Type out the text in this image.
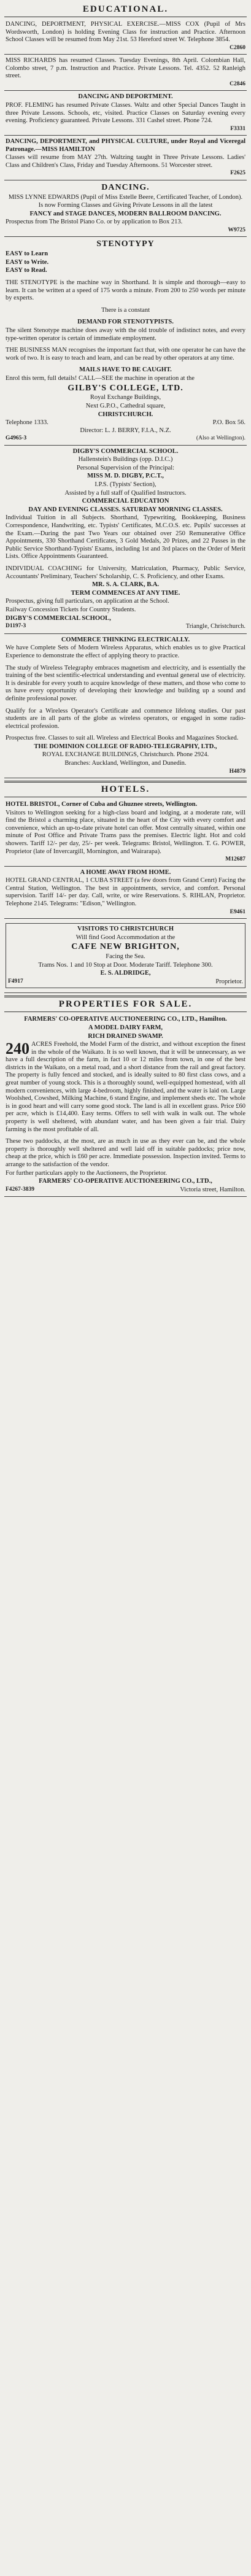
EDUCATIONAL.

DANCING, DEPORTMENT, PHYSICAL EXERCISE.—MISS COX (Pupil of Mrs Wordsworth, London) is holding Evening Class for instruction and Practice. Afternoon School Classes will be resumed from May 21st. 53 Hereford street W. Telephone 3854.

C2860

MISS RICHARDS has resumed Classes. Tuesday Evenings, 8th April. Colombian Hall, Colombo street, 7 p.m. Instruction and Practice. Private Lessons. Tel. 4352. 52 Ranleigh street.

C2846

DANCING AND DEPORTMENT.

PROF. FLEMING has resumed Private Classes. Waltz and other Special Dances Taught in three Private Lessons. Schools, etc, visited. Practice Classes on Saturday evening every evening. Proficiency guaranteed. Private Lessons. 331 Cashel street. Phone 724.

F3331

DANCING, DEPORTMENT, and PHYSICAL CULTURE, under Royal and Viceregal Patronage.—MISS HAMILTON

Classes will resume from MAY 27th. Waltzing taught in Three Private Lessons. Ladies' Class and Children's Class, Friday and Tuesday Afternoons. 51 Worcester street.

F2625

DANCING.

MISS LYNNE EDWARDS (Pupil of Miss Estelle Beere, Certificated Teacher, of London).

Is now Forming Classes and Giving Private Lessons in all the latest

FANCY and STAGE DANCES, MODERN BALLROOM DANCING.

Prospectus from The Bristol Piano Co. or by application to Box 213.

W9725

STENOTYPY

EASY to Learn

EASY to Write.

EASY to Read.

THE STENOTYPE is the machine way in Shorthand. It is simple and thorough—easy to learn. It can be written at a speed of 175 words a minute. From 200 to 250 words per minute by experts.

There is a constant

DEMAND FOR STENOTYPISTS.

The silent Stenotype machine does away with the old trouble of indistinct notes, and every type-written operator is certain of immediate employment.

THE BUSINESS MAN recognises the important fact that, with one operator he can have the work of two. It is easy to teach and learn, and can be read by other operators at any time.

MAILS HAVE TO BE CAUGHT.

Enrol this term, full details! CALL—SEE the machine in operation at the

GILBY'S COLLEGE, LTD.

Royal Exchange Buildings,

Next G.P.O., Cathedral square,

CHRISTCHURCH.

Telephone 1333.	P.O. Box 56.

Director: L. J. BERRY, F.I.A., N.Z.

G4965-3	(Also at Wellington).

DIGBY'S COMMERCIAL SCHOOL.

Hallenstein's Buildings (opp. D.I.C.)

Personal Supervision of the Principal:

MISS M. D. DIGBY, P.C.T.,

I.P.S. (Typists' Section),

Assisted by a full staff of Qualified Instructors.

COMMERCIAL EDUCATION

DAY AND EVENING CLASSES. SATURDAY MORNING CLASSES.

Individual Tuition in all Subjects. Shorthand, Typewriting, Bookkeeping, Business Correspondence, Handwriting, etc. Typists' Certificates, M.C.O.S. etc. Pupils' successes at the Exam.—During the past Two Years our obtained over 250 Remunerative Office Appointments, 330 Shorthand Certificates, 3 Gold Medals, 20 Prizes, and 22 Passes in the Public Service Shorthand-Typists' Exams, including 1st and 3rd places on the Order of Merit Lists. Office Appointments Guaranteed.

INDIVIDUAL COACHING for University, Matriculation, Pharmacy, Public Service, Accountants' Preliminary, Teachers' Scholarship, C. S. Proficiency, and other Exams.

MR. S. A. CLARK, B.A.

TERM COMMENCES AT ANY TIME.

Prospectus, giving full particulars, on application at the School.

Railway Concession Tickets for Country Students.

DIGBY'S COMMERCIAL SCHOOL,

D1197-3	Triangle, Christchurch.

COMMERCE THINKING ELECTRICALLY.

We have Complete Sets of Modern Wireless Apparatus, which enables us to give Practical Experience to demonstrate the effect of applying theory to practice.

The study of Wireless Telegraphy embraces magnetism and electricity, and is essentially the training of the best scientific-electrical understanding and eventual general use of electricity. It is desirable for every youth to acquire knowledge of these matters, and those who come to us have every opportunity of developing their knowledge and building up a sound and definite professional power.

Qualify for a Wireless Operator's Certificate and commence lifelong studies. Our past students are in all parts of the globe as wireless operators, or engaged in some radio-electrical profession.

Prospectus free. Classes to suit all. Wireless and Electrical Books and Magazines Stocked.

THE DOMINION COLLEGE OF RADIO-TELEGRAPHY, LTD.,

ROYAL EXCHANGE BUILDINGS, Christchurch. Phone 2924.

Branches: Auckland, Wellington, and Dunedin.

H4879
HOTELS.

HOTEL BRISTOL, Corner of Cuba and Ghuznee streets, Wellington.

Visitors to Wellington seeking for a high-class board and lodging, at a moderate rate, will find the Bristol a charming place, situated in the heart of the City with every comfort and convenience, which an up-to-date private hotel can offer. Most centrally situated, within one minute of Post Office and Private Trams pass the premises. Electric light. Hot and cold showers. Tariff 12/- per day, 25/- per week. Telegrams: Bristol, Wellington. T. G. POWER, Proprietor (late of Invercargill, Mornington, and Wairarapa).

M12687

A HOME AWAY FROM HOME.

HOTEL GRAND CENTRAL, 1 CUBA STREET (a few doors from Grand Cenrt) Facing the Central Station, Wellington. The best in appointments, service, and comfort. Personal supervision. Tariff 14/- per day. Call, write, or wire Reservations. S. RIHLAN, Proprietor. Telephone 2145. Telegrams: "Edison," Wellington.

E9461

VISITORS TO CHRISTCHURCH

Will find Good Accommodation at the

CAFE NEW BRIGHTON,

Facing the Sea.

Trams Nos. 1 and 10 Stop at Door. Moderate Tariff. Telephone 300.

E. S. ALDRIDGE,

F4917	Proprietor.
PROPERTIES FOR SALE.

FARMERS' CO-OPERATIVE AUCTIONEERING CO., LTD., Hamilton.

A MODEL DAIRY FARM,

RICH DRAINED SWAMP.

240 ACRES Freehold, the Model Farm of the district, and without exception the finest in the whole of the Waikato. It is so well known, that it will be unnecessary, as we have a full description of the farm, in fact 10 or 12 miles from town, in one of the best districts in the Waikato, on a metal road, and a short distance from the rail and great factory. The property is fully fenced and stocked, and is ideally suited to 80 first class cows, and a great number of young stock. This is a thoroughly sound, well-equipped homestead, with all modern conveniences, with large 4-bedroom, highly finished, and the water is laid on. Large Woolshed, Cowshed, Milking Machine, 6 stand Engine, and implement sheds etc. The whole is in good heart and will carry some good stock. The land is all in excellent grass. Price £60 per acre, which is £14,400. Easy terms. Offers to sell with walk in walk out. The whole property is well sheltered, with abundant water, and has been given a fair trial. Dairy farming is the most profitable of all.

These two paddocks, at the most, are as much in use as they ever can be, and the whole property is thoroughly well sheltered and well laid off in suitable paddocks; price now, cheap at the price, which is £60 per acre. Immediate possession. Inspection invited. Terms to arrange to the satisfaction of the vendor.

For further particulars apply to the Auctioneers, the Proprietor.

FARMERS' CO-OPERATIVE AUCTIONEERING CO., LTD.,

F4267-3839	Victoria street, Hamilton.
